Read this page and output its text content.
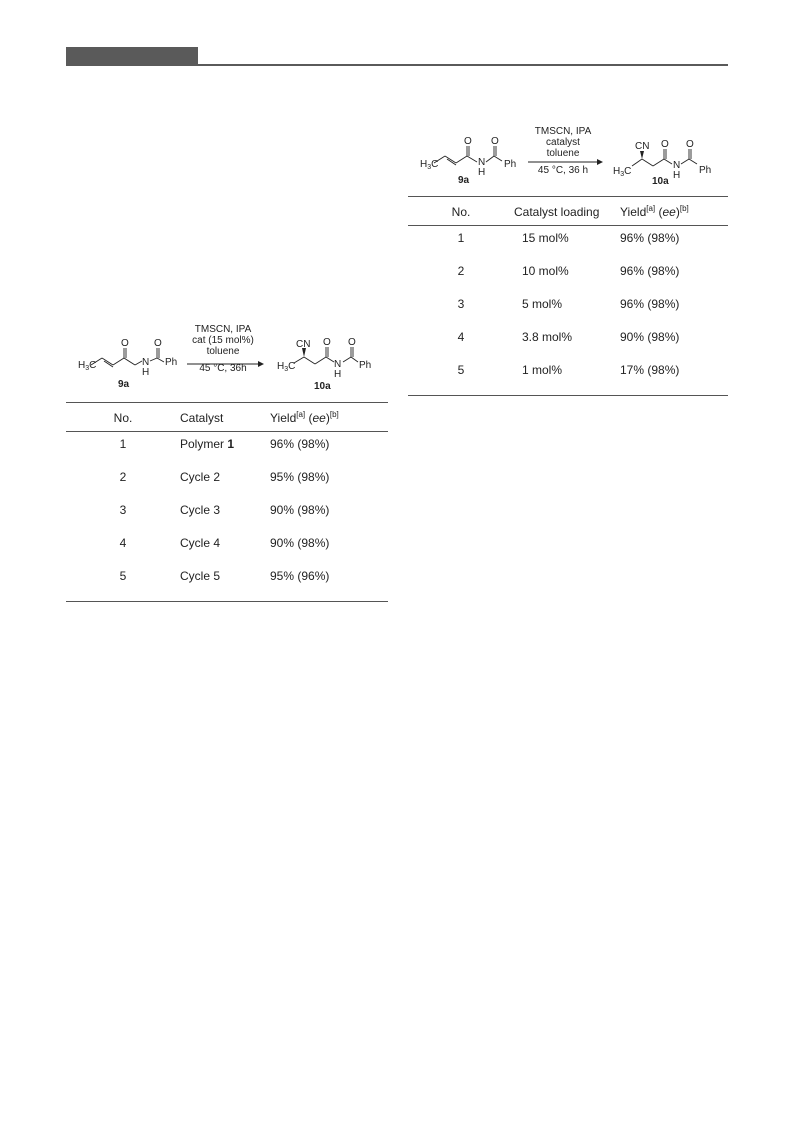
$H_3C$
O
N
H
O
Ph
9a
CN
$H_3C$
O
N
H
O
Ph
10a
TMSCN, IPA
cat (15 mol%)
toluene
45 °C, 36h
No.	Catalyst	Yield[a] (ee)[b]
1	Polymer 1	96% (98%)
2	Cycle 2	95% (98%)
3	Cycle 3	90% (98%)
4	Cycle 4	90% (98%)
5	Cycle 5	95% (96%)
$H_3C$
O
N
H
O
Ph
9a
CN
$H_3C$
O
N
H
O
Ph
10a
TMSCN, IPA
catalyst
toluene
45 °C, 36 h
No.	Catalyst loading	Yield[a] (ee)[b]
1	15 mol%	96% (98%)
2	10 mol%	96% (98%)
3	5 mol%	96% (98%)
4	3.8 mol%	90% (98%)
5	1 mol%	17% (98%)
